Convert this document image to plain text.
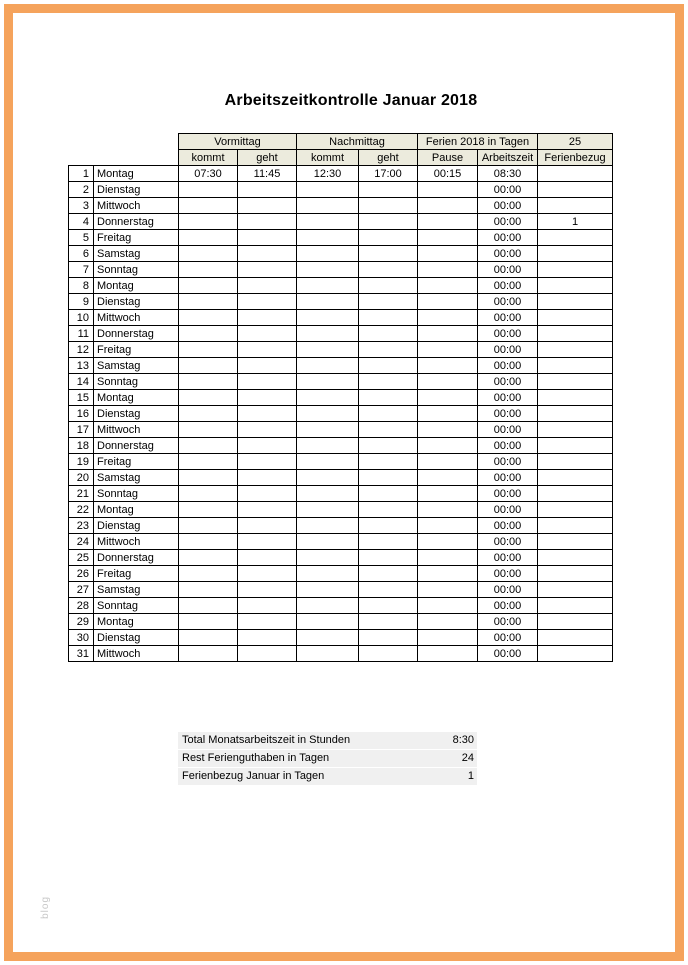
Arbeitszeitkontrolle Januar 2018
		Vormittag		Nachmittag		Ferien 2018 in Tagen		25
		kommt	geht	kommt	geht	Pause	Arbeitszeit	Ferienbezug
1	Montag	07:30	11:45	12:30	17:00	00:15	08:30	
2	Dienstag						00:00	
3	Mittwoch						00:00	
4	Donnerstag						00:00	1
5	Freitag						00:00	
6	Samstag						00:00	
7	Sonntag						00:00	
8	Montag						00:00	
9	Dienstag						00:00	
10	Mittwoch						00:00	
11	Donnerstag						00:00	
12	Freitag						00:00	
13	Samstag						00:00	
14	Sonntag						00:00	
15	Montag						00:00	
16	Dienstag						00:00	
17	Mittwoch						00:00	
18	Donnerstag						00:00	
19	Freitag						00:00	
20	Samstag						00:00	
21	Sonntag						00:00	
22	Montag						00:00	
23	Dienstag						00:00	
24	Mittwoch						00:00	
25	Donnerstag						00:00	
26	Freitag						00:00	
27	Samstag						00:00	
28	Sonntag						00:00	
29	Montag						00:00	
30	Dienstag						00:00	
31	Mittwoch						00:00	
Total Monatsarbeitszeit in Stunden	8:30
Rest Ferienguthaben in Tagen	24
Ferienbezug Januar in Tagen	1
blog
